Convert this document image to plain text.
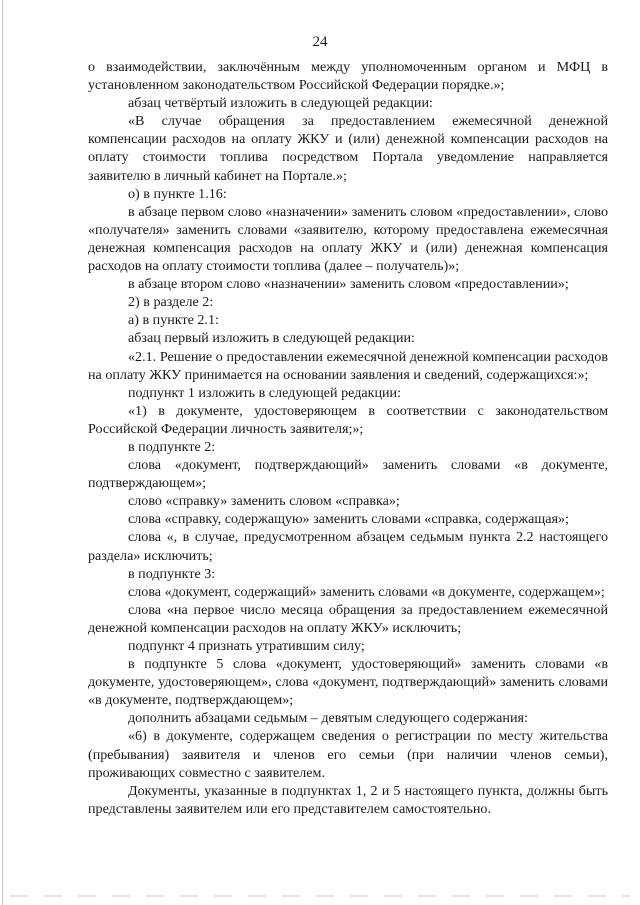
24

о взаимодействии, заключённым между уполномоченным органом и МФЦ в установленном законодательством Российской Федерации порядке.»;

абзац четвёртый изложить в следующей редакции:

«В случае обращения за предоставлением ежемесячной денежной компенсации расходов на оплату ЖКУ и (или) денежной компенсации расходов на оплату стоимости топлива посредством Портала уведомление направляется заявителю в личный кабинет на Портале.»;

о) в пункте 1.16:

в абзаце первом слово «назначении» заменить словом «предоставлении», слово «получателя» заменить словами «заявителю, которому предоставлена ежемесячная денежная компенсация расходов на оплату ЖКУ и (или) денежная компенсация расходов на оплату стоимости топлива (далее – получатель)»;

в абзаце втором слово «назначении» заменить словом «предоставлении»;

2) в разделе 2:

а) в пункте 2.1:

абзац первый изложить в следующей редакции:

«2.1. Решение о предоставлении ежемесячной денежной компенсации расходов на оплату ЖКУ принимается на основании заявления и сведений, содержащихся:»;

подпункт 1 изложить в следующей редакции:

«1) в документе, удостоверяющем в соответствии с законодательством Российской Федерации личность заявителя;»;

в подпункте 2:

слова «документ, подтверждающий» заменить словами «в документе, подтверждающем»;

слово «справку» заменить словом «справка»;

слова «справку, содержащую» заменить словами «справка, содержащая»;

слова «, в случае, предусмотренном абзацем седьмым пункта 2.2 настоящего раздела» исключить;

в подпункте 3:

слова «документ, содержащий» заменить словами «в документе, содержащем»;

слова «на первое число месяца обращения за предоставлением ежемесячной денежной компенсации расходов на оплату ЖКУ» исключить;

подпункт 4 признать утратившим силу;

в подпункте 5 слова «документ, удостоверяющий» заменить словами «в документе, удостоверяющем», слова «документ, подтверждающий» заменить словами «в документе, подтверждающем»;

дополнить абзацами седьмым – девятым следующего содержания:

«6) в документе, содержащем сведения о регистрации по месту жительства (пребывания) заявителя и членов его семьи (при наличии членов семьи), проживающих совместно с заявителем.

Документы, указанные в подпунктах 1, 2 и 5 настоящего пункта, должны быть представлены заявителем или его представителем самостоятельно.
